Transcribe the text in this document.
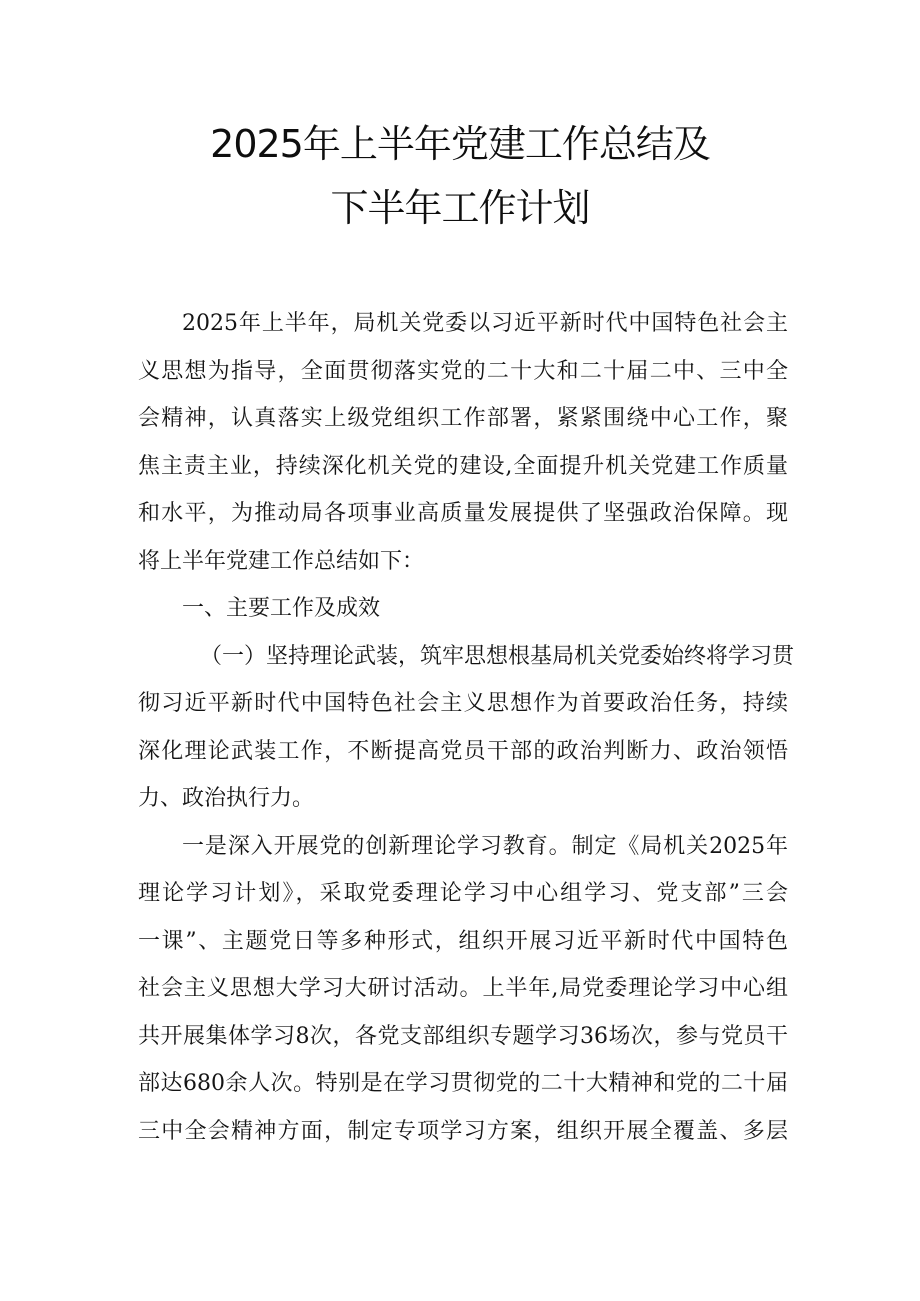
2025年上半年党建工作总结及
下半年工作计划
2025年上半年，局机关党委以习近平新时代中国特色社会主
义思想为指导，全面贯彻落实党的二十大和二十届二中、三中全
会精神，认真落实上级党组织工作部署，紧紧围绕中心工作，聚
焦主责主业，持续深化机关党的建设,全面提升机关党建工作质量
和水平，为推动局各项事业高质量发展提供了坚强政治保障。现
将上半年党建工作总结如下：
一、主要工作及成效
（一）坚持理论武装，筑牢思想根基局机关党委始终将学习贯
彻习近平新时代中国特色社会主义思想作为首要政治任务，持续
深化理论武装工作，不断提高党员干部的政治判断力、政治领悟
力、政治执行力。
一是深入开展党的创新理论学习教育。制定《局机关2025年
理论学习计划》，采取党委理论学习中心组学习、党支部”三会
一课”、主题党日等多种形式，组织开展习近平新时代中国特色
社会主义思想大学习大研讨活动。上半年,局党委理论学习中心组
共开展集体学习8次，各党支部组织专题学习36场次，参与党员干
部达680余人次。特别是在学习贯彻党的二十大精神和党的二十届
三中全会精神方面，制定专项学习方案，组织开展全覆盖、多层
